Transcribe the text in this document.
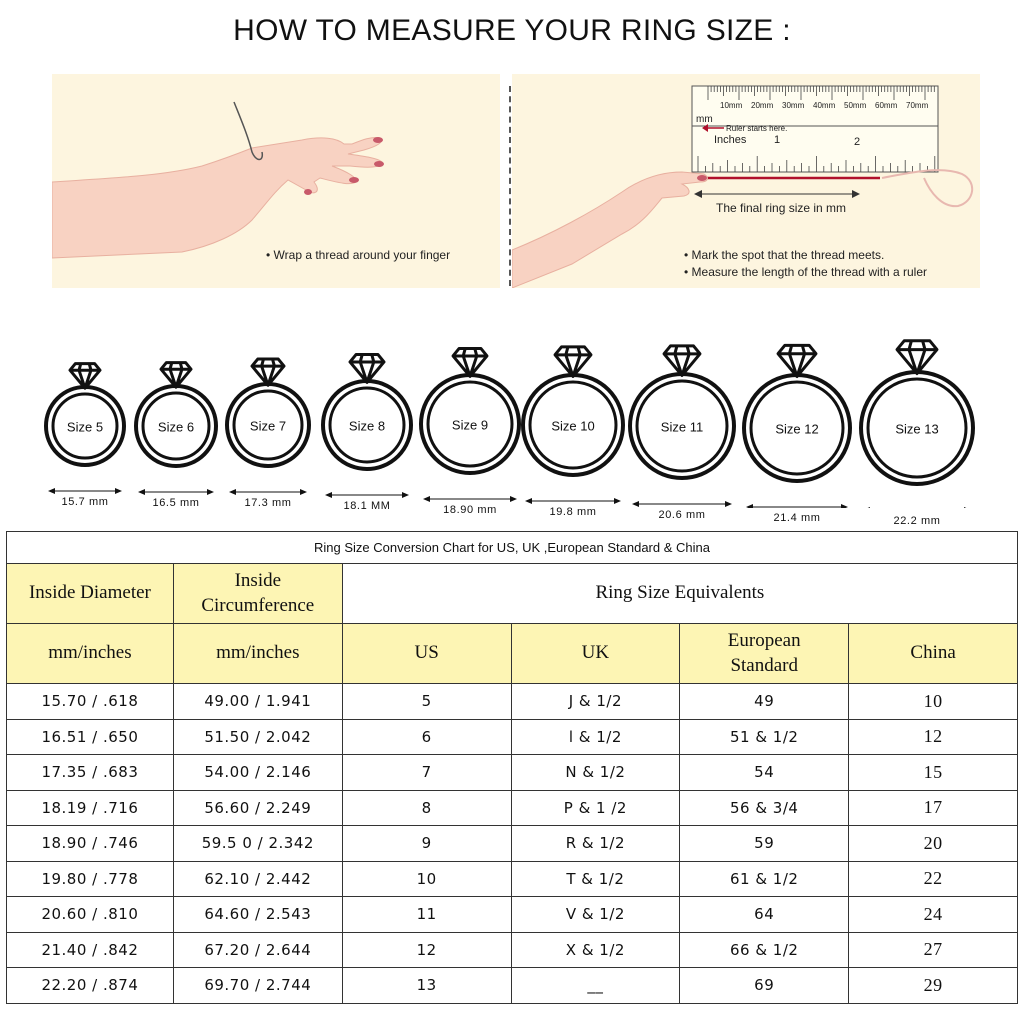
HOW TO MEASURE YOUR RING SIZE :
• Wrap a thread around your finger
10mm 20mm 30mm 40mm 50mm 60mm 70mm
mm
Ruler starts here.
Inches	1	2
The final ring size in mm
• Mark the spot that the thread meets.
• Measure the length of the thread with a ruler
Size 5
15.7 mm
Size 6
16.5 mm
Size 7
17.3 mm
Size 8
18.1 MM
Size 9
18.90 mm
Size 10
19.8 mm
Size 11
20.6 mm
Size 12
21.4 mm
Size 13
22.2 mm
Ring Size Conversion Chart for US, UK ,European Standard & China					
Inside Diameter	Inside Circumference	Ring Size Equivalents			
mm/inches	mm/inches	US	UK	European Standard	China
15.70 / .618	49.00 / 1.941	5	J & 1/2	49	10
16.51 / .650	51.50 / 2.042	6	l & 1/2	51 & 1/2	12
17.35 / .683	54.00 / 2.146	7	N & 1/2	54	15
18.19 / .716	56.60 / 2.249	8	P & 1 /2	56 & 3/4	17
18.90 / .746	59.5 0 / 2.342	9	R & 1/2	59	20
19.80 / .778	62.10 / 2.442	10	T & 1/2	61 & 1/2	22
20.60 / .810	64.60 / 2.543	11	V & 1/2	64	24
21.40 / .842	67.20 / 2.644	12	X & 1/2	66 & 1/2	27
22.20 / .874	69.70 / 2.744	13	__	69	29
